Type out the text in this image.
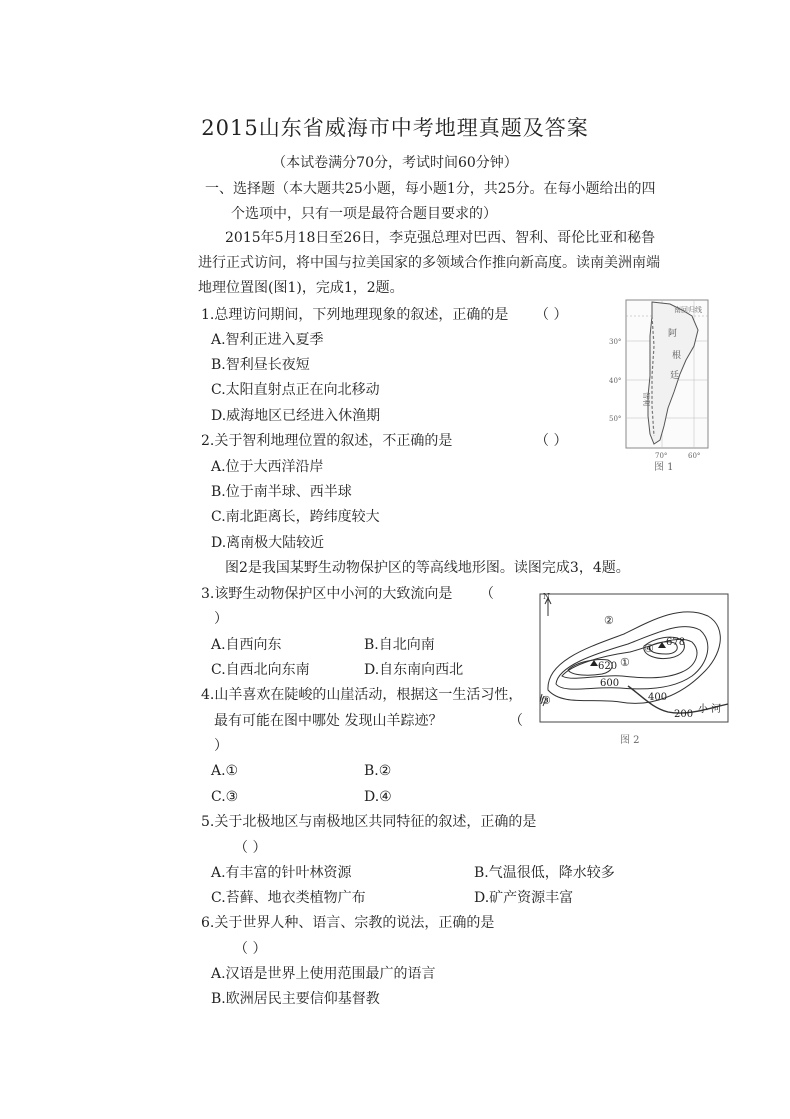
2015山东省威海市中考地理真题及答案
（本试卷满分70分，考试时间60分钟）
一、选择题（本大题共25小题，每小题1分，共25分。在每小题给出的四
个选项中，只有一项是最符合题目要求的）
2015年5月18日至26日，李克强总理对巴西、智利、哥伦比亚和秘鲁
进行正式访问，将中国与拉美国家的多领域合作推向新高度。读南美洲南端
地理位置图(图1)，完成1，2题。
1.总理访问期间，下列地理现象的叙述，正确的是 （ ）
A.智利正进入夏季
B.智利昼长夜短
C.太阳直射点正在向北移动
D.威海地区已经进入休渔期
2.关于智利地理位置的叙述，不正确的是	（ ）
A.位于大西洋沿岸
B.位于南半球、西半球
C.南北距离长，跨纬度较大
D.离南极大陆较近
图2是我国某野生动物保护区的等高线地形图。读图完成3，4题。
3.该野生动物保护区中小河的大致流向是 （
）
A.自西向东	B.自北向南
C.自西北向东南	D.自东南向西北
4.山羊喜欢在陡峻的山崖活动，根据这一生活习性，
最有可能在图中哪处 发现山羊踪迹？	（
）
A.①	B.②
C.③	D.④
5.关于北极地区与南极地区共同特征的叙述，正确的是
（ ）
A.有丰富的针叶林资源	B.气温很低，降水较多
C.苔藓、地衣类植物广布	D.矿产资源丰富
6.关于世界人种、语言、宗教的说法，正确的是
（ ）
A.汉语是世界上使用范围最广的语言
B.欧洲居民主要信仰基督教
南回归线
30°
40°
50°
70°	60°
阿
根
廷
智利
图 1
N
620
678
600
400
200 小 河
①
②
③
④
图 2
